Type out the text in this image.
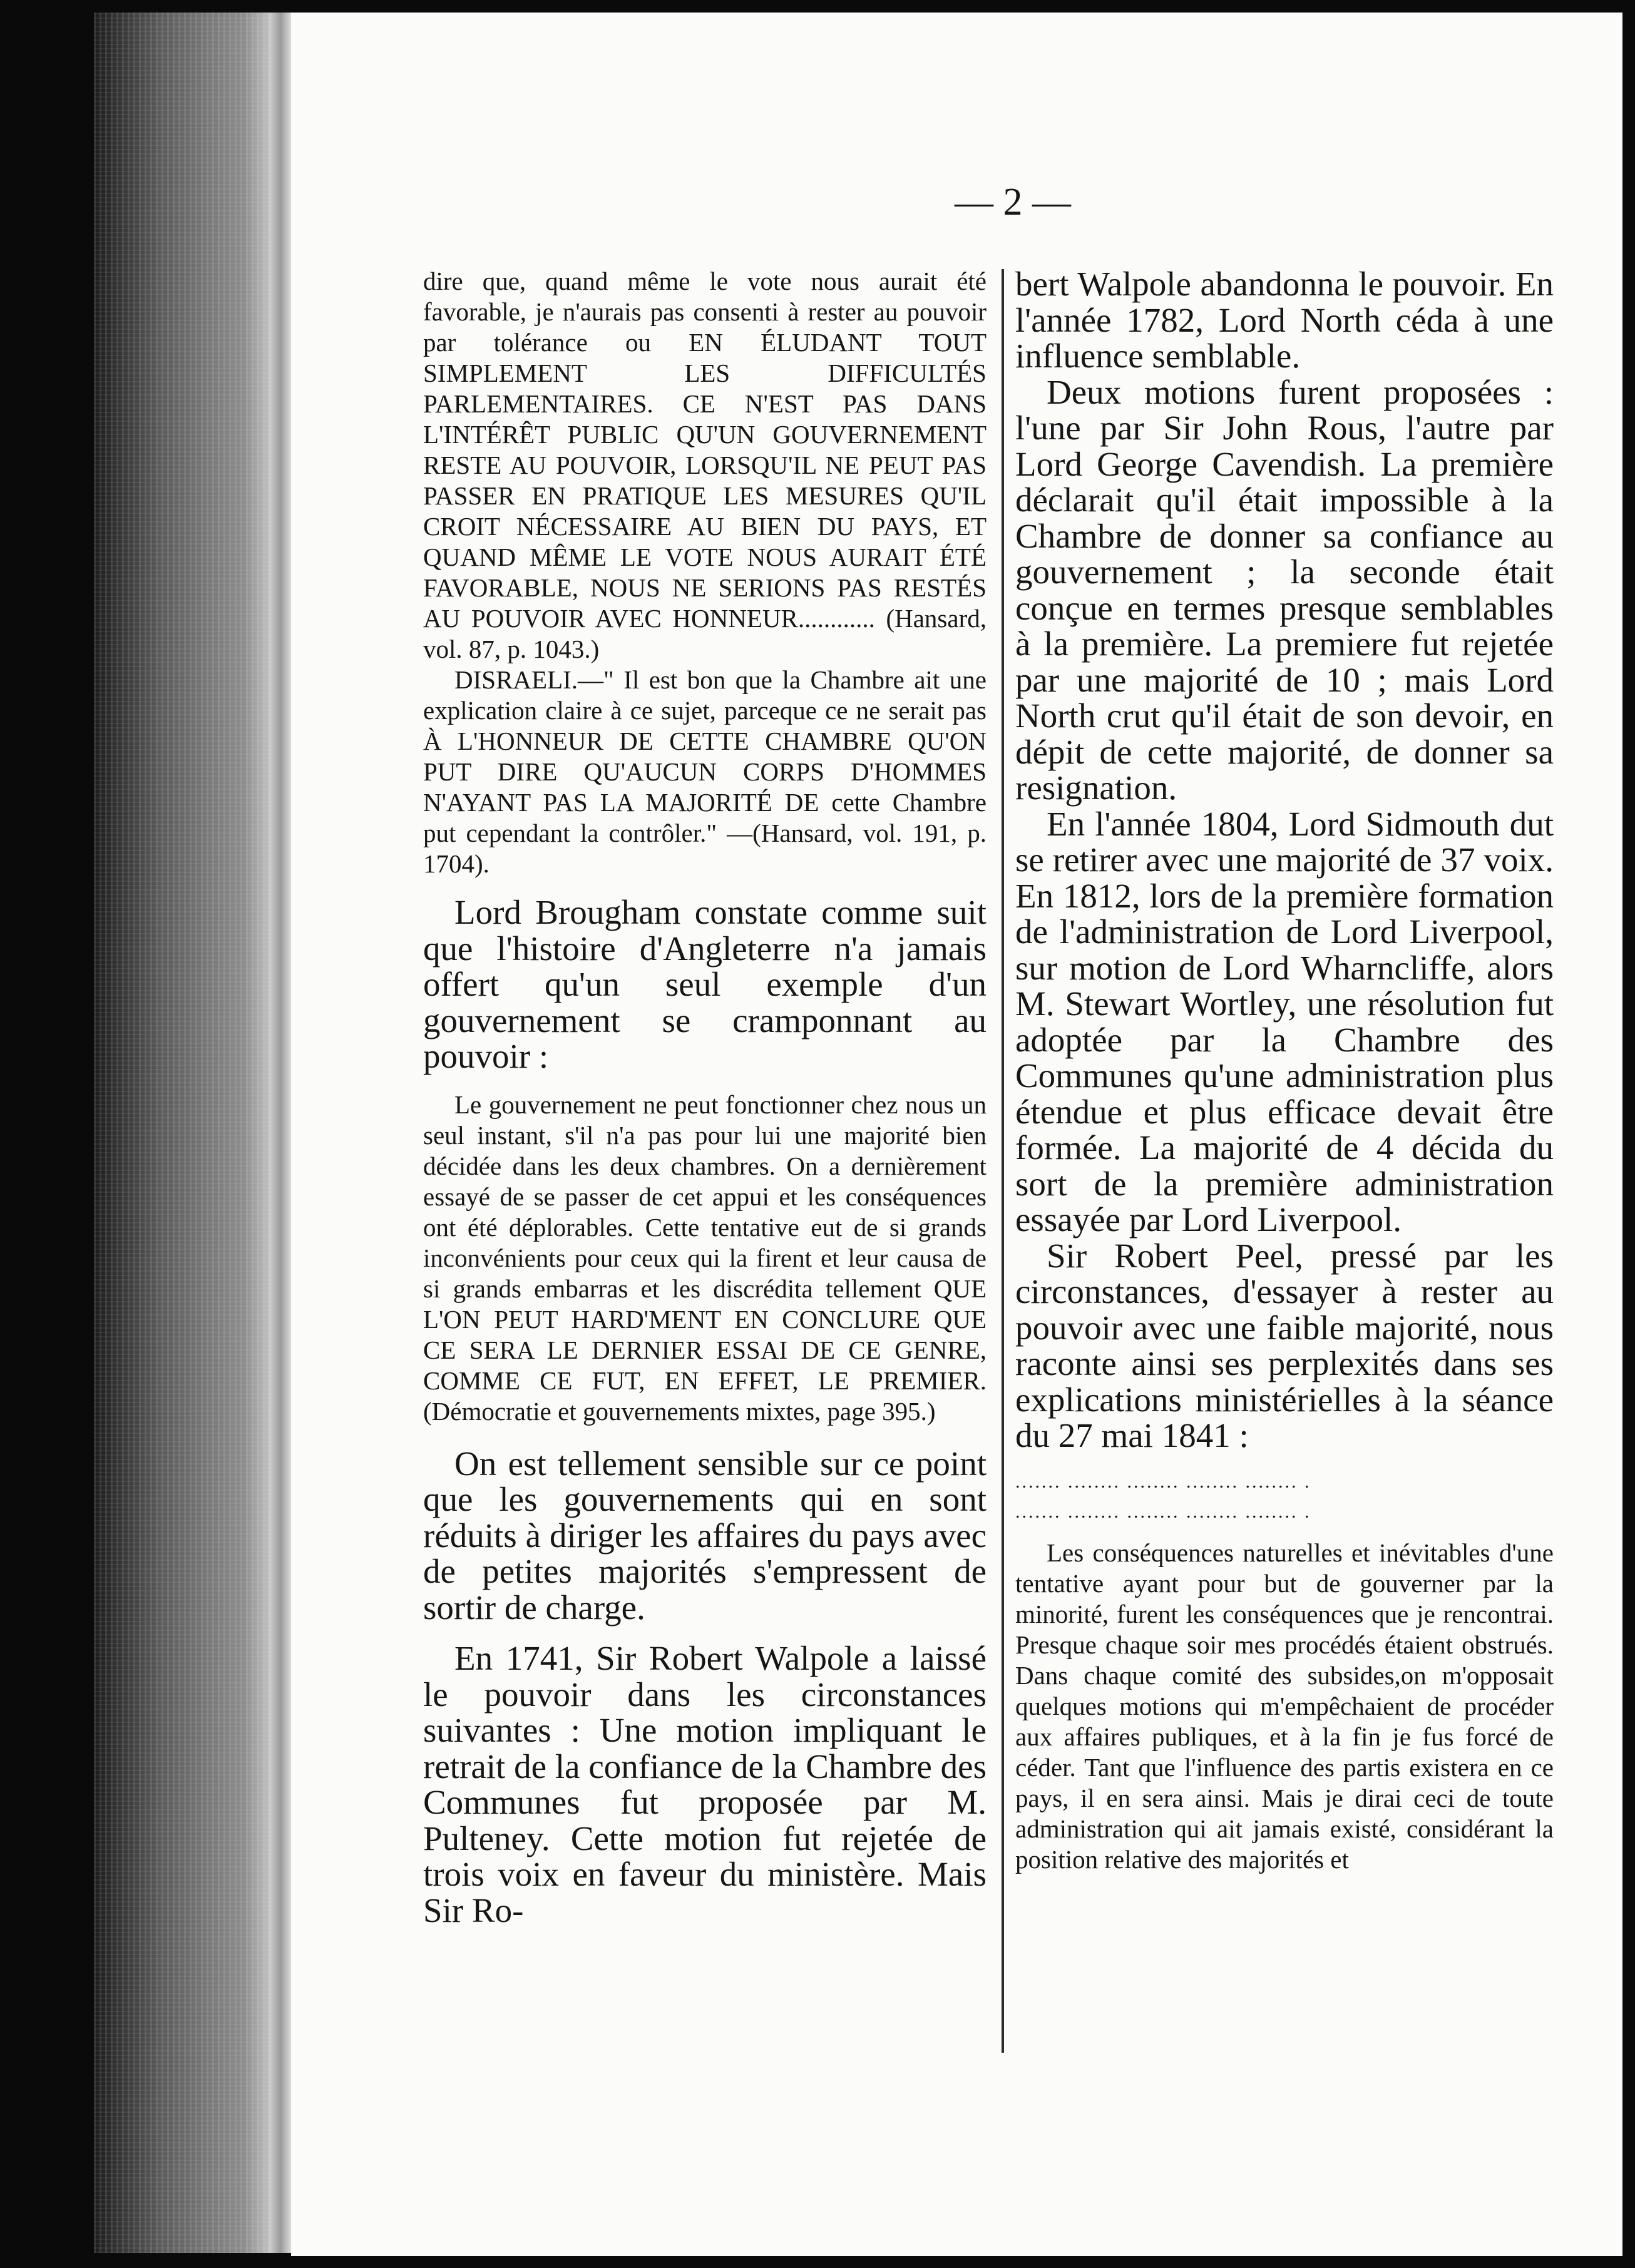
— 2 —

dire que, quand même le vote nous aurait été favorable, je n'aurais pas consenti à rester au pouvoir par tolérance ou EN ÉLUDANT TOUT SIMPLEMENT LES DIFFICULTÉS PARLEMENTAIRES. CE N'EST PAS DANS L'INTÉRÊT PUBLIC QU'UN GOUVERNEMENT RESTE AU POUVOIR, LORSQU'IL NE PEUT PAS PASSER EN PRATIQUE LES MESURES QU'IL CROIT NÉCESSAIRE AU BIEN DU PAYS, ET QUAND MÊME LE VOTE NOUS AURAIT ÉTÉ FAVORABLE, NOUS NE SERIONS PAS RESTÉS AU POUVOIR AVEC HONNEUR............ (Hansard, vol. 87, p. 1043.)

DISRAELI.—" Il est bon que la Chambre ait une explication claire à ce sujet, parceque ce ne serait pas À L'HONNEUR DE CETTE CHAMBRE QU'ON PUT DIRE QU'AUCUN CORPS D'HOMMES N'AYANT PAS LA MAJORITÉ DE cette Chambre put cependant la contrôler." —(Hansard, vol. 191, p. 1704).

Lord Brougham constate comme suit que l'histoire d'Angleterre n'a jamais offert qu'un seul exemple d'un gouvernement se cramponnant au pouvoir :

Le gouvernement ne peut fonctionner chez nous un seul instant, s'il n'a pas pour lui une majorité bien décidée dans les deux chambres. On a dernièrement essayé de se passer de cet appui et les conséquences ont été déplorables. Cette tentative eut de si grands inconvénients pour ceux qui la firent et leur causa de si grands embarras et les discrédita tellement QUE L'ON PEUT HARD'MENT EN CONCLURE QUE CE SERA LE DERNIER ESSAI DE CE GENRE, COMME CE FUT, EN EFFET, LE PREMIER. (Démocratie et gouvernements mixtes, page 395.)

On est tellement sensible sur ce point que les gouvernements qui en sont réduits à diriger les affaires du pays avec de petites majorités s'empressent de sortir de charge.

En 1741, Sir Robert Walpole a laissé le pouvoir dans les circonstances suivantes : Une motion impliquant le retrait de la confiance de la Chambre des Communes fut proposée par M. Pulteney. Cette motion fut rejetée de trois voix en faveur du ministère. Mais Sir Ro-

bert Walpole abandonna le pouvoir. En l'année 1782, Lord North céda à une influence semblable.

Deux motions furent proposées : l'une par Sir John Rous, l'autre par Lord George Cavendish. La première déclarait qu'il était impossible à la Chambre de donner sa confiance au gouvernement ; la seconde était conçue en termes presque semblables à la première. La premiere fut rejetée par une majorité de 10 ; mais Lord North crut qu'il était de son devoir, en dépit de cette majorité, de donner sa resignation.

En l'année 1804, Lord Sidmouth dut se retirer avec une majorité de 37 voix. En 1812, lors de la première formation de l'administration de Lord Liverpool, sur motion de Lord Wharncliffe, alors M. Stewart Wortley, une résolution fut adoptée par la Chambre des Communes qu'une administration plus étendue et plus efficace devait être formée. La majorité de 4 décida du sort de la première administration essayée par Lord Liverpool.

Sir Robert Peel, pressé par les circonstances, d'essayer à rester au pouvoir avec une faible majorité, nous raconte ainsi ses perplexités dans ses explications ministérielles à la séance du 27 mai 1841 :

....... ........ ........ ........ ........ .

....... ........ ........ ........ ........ .

Les conséquences naturelles et inévitables d'une tentative ayant pour but de gouverner par la minorité, furent les conséquences que je rencontrai. Presque chaque soir mes procédés étaient obstrués. Dans chaque comité des subsides,on m'opposait quelques motions qui m'empêchaient de procéder aux affaires publiques, et à la fin je fus forcé de céder. Tant que l'influence des partis existera en ce pays, il en sera ainsi. Mais je dirai ceci de toute administration qui ait jamais existé, considérant la position relative des majorités et
